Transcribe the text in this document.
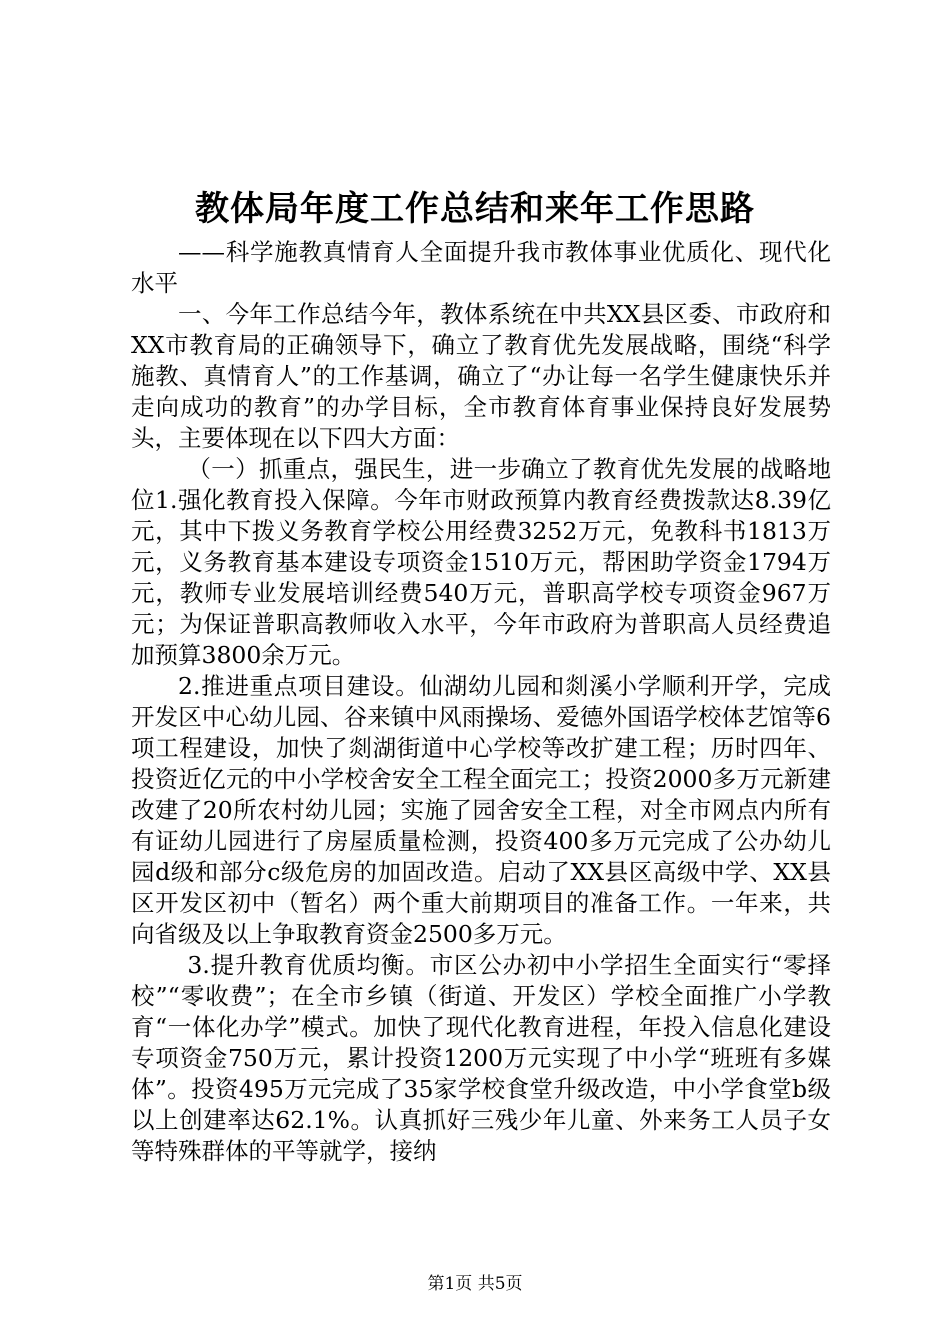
教体局年度工作总结和来年工作思路

——科学施教真情育人全面提升我市教体事业优质化、现代化水平

一、今年工作总结今年，教体系统在中共XX县区委、市政府和XX市教育局的正确领导下，确立了教育优先发展战略，围绕“科学施教、真情育人”的工作基调，确立了“办让每一名学生健康快乐并走向成功的教育”的办学目标，全市教育体育事业保持良好发展势头，主要体现在以下四大方面：

（一）抓重点，强民生，进一步确立了教育优先发展的战略地位1.强化教育投入保障。今年市财政预算内教育经费拨款达8.39亿元，其中下拨义务教育学校公用经费3252万元，免教科书1813万元，义务教育基本建设专项资金1510万元，帮困助学资金1794万元，教师专业发展培训经费540万元，普职高学校专项资金967万元；为保证普职高教师收入水平，今年市政府为普职高人员经费追加预算3800余万元。

2.推进重点项目建设。仙湖幼儿园和剡溪小学顺利开学，完成开发区中心幼儿园、谷来镇中风雨操场、爱德外国语学校体艺馆等6项工程建设，加快了剡湖街道中心学校等改扩建工程；历时四年、投资近亿元的中小学校舍安全工程全面完工；投资2000多万元新建改建了20所农村幼儿园；实施了园舍安全工程，对全市网点内所有有证幼儿园进行了房屋质量检测，投资400多万元完成了公办幼儿园d级和部分c级危房的加固改造。启动了XX县区高级中学、XX县区开发区初中（暂名）两个重大前期项目的准备工作。一年来，共向省级及以上争取教育资金2500多万元。

3.提升教育优质均衡。市区公办初中小学招生全面实行“零择校”“零收费”；在全市乡镇（街道、开发区）学校全面推广小学教育“一体化办学”模式。加快了现代化教育进程，年投入信息化建设专项资金750万元，累计投资1200万元实现了中小学“班班有多媒体”。投资495万元完成了35家学校食堂升级改造，中小学食堂b级以上创建率达62.1%。认真抓好三残少年儿童、外来务工人员子女等特殊群体的平等就学，接纳

第1页 共5页
